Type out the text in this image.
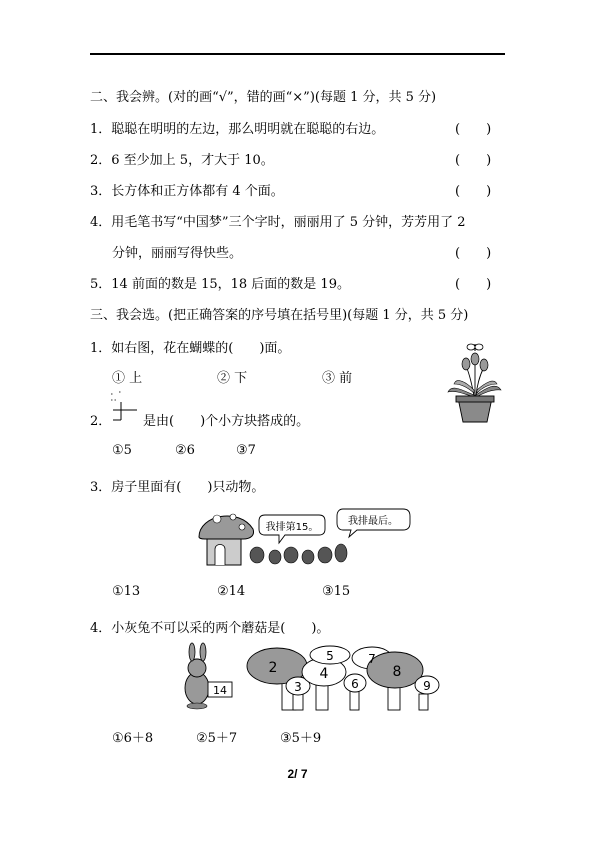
二、我会辨。(对的画“√”，错的画“×”)(每题 1 分，共 5 分)
1．聪聪在明明的左边，那么明明就在聪聪的右边。	(　　)
2．6 至少加上 5，才大于 10。	(　　)
3．长方体和正方体都有 4 个面。	(　　)
4．用毛笔书写“中国梦”三个字时，丽丽用了 5 分钟，芳芳用了 2
分钟，丽丽写得快些。	(　　)
5．14 前面的数是 15，18 后面的数是 19。	(　　)
三、我会选。(把正确答案的序号填在括号里)(每题 1 分，共 5 分)
1．如右图，花在蝴蝶的(　　)面。
① 上	② 下	③ 前
2． 是由(　　)个小方块搭成的。
①5	②6	③7
3．房子里面有(　　)只动物。
我排第15。
我排最后。
①13	②14	③15
4．小灰兔不可以采的两个蘑菇是(　　)。
14
2
3
4
5
6
7
8
9
①6＋8	②5＋7	③5＋9
2/ 7
